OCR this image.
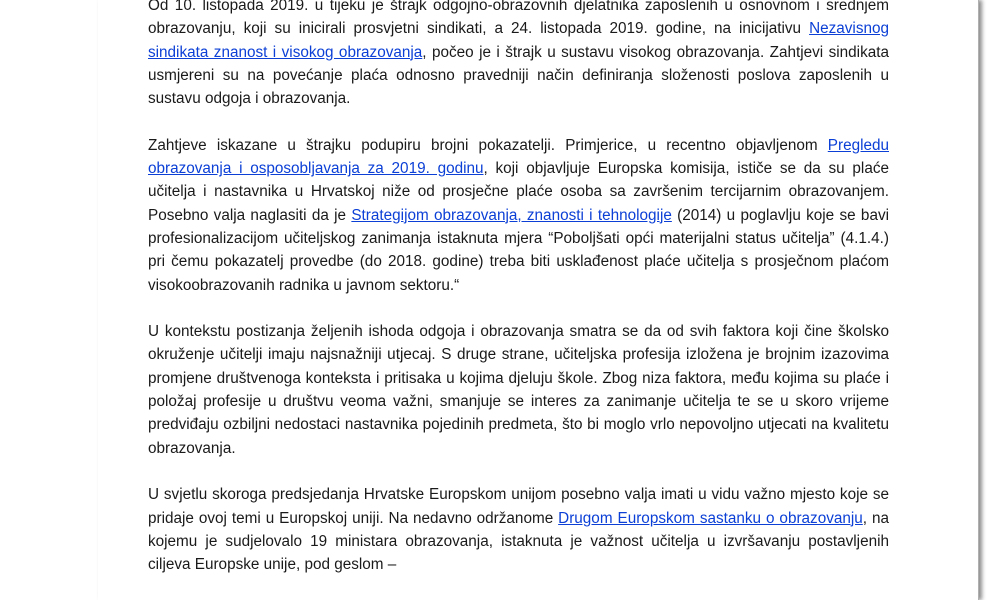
Od 10. listopada 2019. u tijeku je štrajk odgojno-obrazovnih djelatnika zaposlenih u osnovnom i srednjem obrazovanju, koji su inicirali prosvjetni sindikati, a 24. listopada 2019. godine, na inicijativu Nezavisnog sindikata znanost i visokog obrazovanja, počeo je i štrajk u sustavu visokog obrazovanja. Zahtjevi sindikata usmjereni su na povećanje plaća odnosno pravedniji način definiranja složenosti poslova zaposlenih u sustavu odgoja i obrazovanja.

Zahtjeve iskazane u štrajku podupiru brojni pokazatelji. Primjerice, u recentno objavljenom Pregledu obrazovanja i osposobljavanja za 2019. godinu, koji objavljuje Europska komisija, ističe se da su plaće učitelja i nastavnika u Hrvatskoj niže od prosječne plaće osoba sa završenim tercijarnim obrazovanjem. Posebno valja naglasiti da je Strategijom obrazovanja, znanosti i tehnologije (2014) u poglavlju koje se bavi profesionalizacijom učiteljskog zanimanja istaknuta mjera “Poboljšati opći materijalni status učitelja” (4.1.4.) pri čemu pokazatelj provedbe (do 2018. godine) treba biti usklađenost plaće učitelja s prosječnom plaćom visokoobrazovanih radnika u javnom sektoru.“

U kontekstu postizanja željenih ishoda odgoja i obrazovanja smatra se da od svih faktora koji čine školsko okruženje učitelji imaju najsnažniji utjecaj. S druge strane, učiteljska profesija izložena je brojnim izazovima promjene društvenoga konteksta i pritisaka u kojima djeluju škole. Zbog niza faktora, među kojima su plaće i položaj profesije u društvu veoma važni, smanjuje se interes za zanimanje učitelja te se u skoro vrijeme predviđaju ozbiljni nedostaci nastavnika pojedinih predmeta, što bi moglo vrlo nepovoljno utjecati na kvalitetu obrazovanja.

U svjetlu skoroga predsjedanja Hrvatske Europskom unijom posebno valja imati u vidu važno mjesto koje se pridaje ovoj temi u Europskoj uniji. Na nedavno održanome Drugom Europskom sastanku o obrazovanju, na kojemu je sudjelovalo 19 ministara obrazovanja, istaknuta je važnost učitelja u izvršavanju postavljenih ciljeva Europske unije, pod geslom –
